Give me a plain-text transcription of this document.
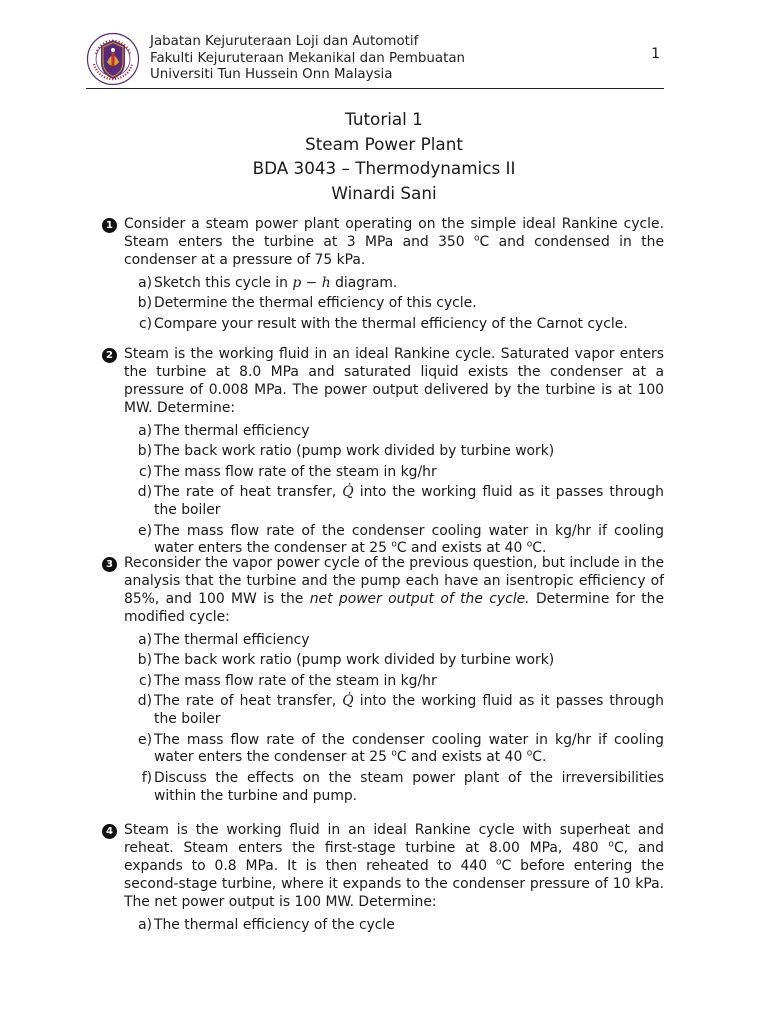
Jabatan Kejuruteraan Loji dan Automotif
Fakulti Kejuruteraan Mekanikal dan Pembuatan
Universiti Tun Hussein Onn Malaysia
1
Tutorial 1
Steam Power Plant
BDA 3043 – Thermodynamics II
Winardi Sani
1 Consider a steam power plant operating on the simple ideal Rankine cycle. Steam enters the turbine at 3 MPa and 350 $^o$C and condensed in the condenser at a pressure of 75 kPa.
a) Sketch this cycle in p − h diagram.
b) Determine the thermal efficiency of this cycle.
c) Compare your result with the thermal efficiency of the Carnot cycle.
2 Steam is the working fluid in an ideal Rankine cycle. Saturated vapor enters the turbine at 8.0 MPa and saturated liquid exists the condenser at a pressure of 0.008 MPa. The power output delivered by the turbine is at 100 MW. Determine:
a) The thermal efficiency
b) The back work ratio (pump work divided by turbine work)
c) The mass flow rate of the steam in kg/hr
d) The rate of heat transfer, Q̇ into the working fluid as it passes through the boiler
e) The mass flow rate of the condenser cooling water in kg/hr if cooling water enters the condenser at 25 $^o$C and exists at 40 $^o$C.
3 Reconsider the vapor power cycle of the previous question, but include in the analysis that the turbine and the pump each have an isentropic efficiency of 85%, and 100 MW is the net power output of the cycle. Determine for the modified cycle:
a) The thermal efficiency
b) The back work ratio (pump work divided by turbine work)
c) The mass flow rate of the steam in kg/hr
d) The rate of heat transfer, Q̇ into the working fluid as it passes through the boiler
e) The mass flow rate of the condenser cooling water in kg/hr if cooling water enters the condenser at 25 $^o$C and exists at 40 $^o$C.
f) Discuss the effects on the steam power plant of the irreversibilities within the turbine and pump.
4 Steam is the working fluid in an ideal Rankine cycle with superheat and reheat. Steam enters the first-stage turbine at 8.00 MPa, 480 $^o$C, and expands to 0.8 MPa. It is then reheated to 440 $^o$C before entering the second-stage turbine, where it expands to the condenser pressure of 10 kPa. The net power output is 100 MW. Determine:
a) The thermal efficiency of the cycle
